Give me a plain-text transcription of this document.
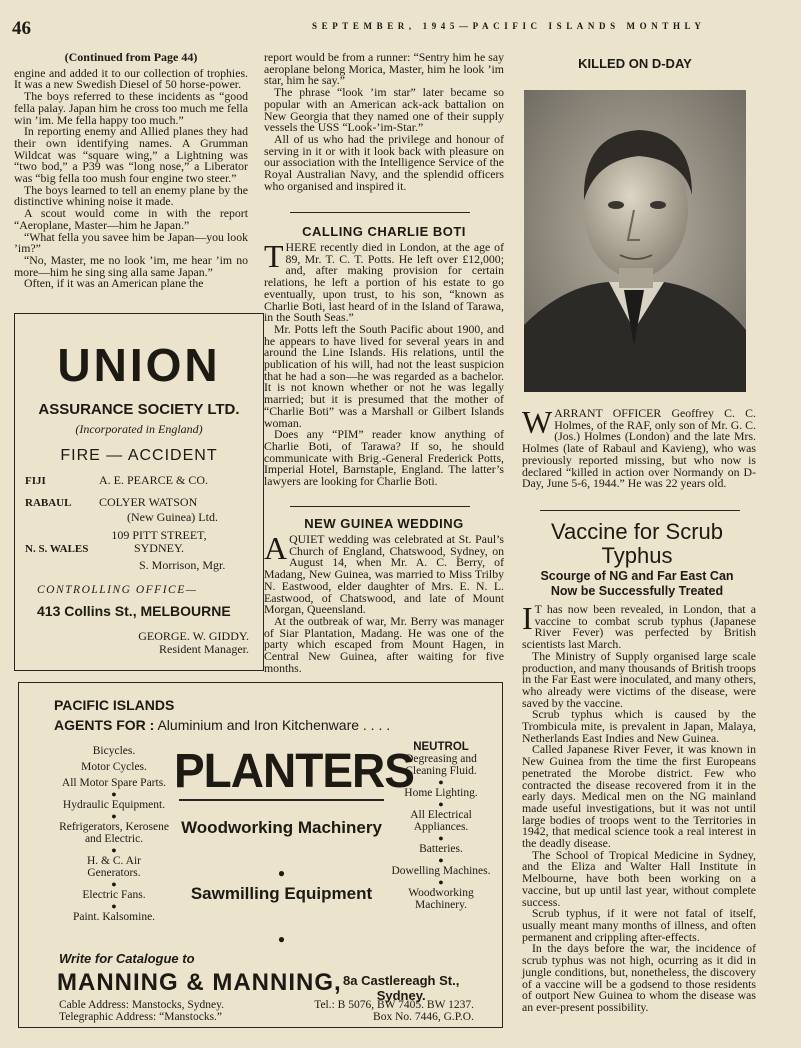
46	SEPTEMBER, 1945—PACIFIC ISLANDS MONTHLY
(Continued from Page 44)

engine and added it to our collection of trophies. It was a new Swedish Diesel of 50 horse-power.

The boys referred to these incidents as “good fella palay. Japan him he cross too much me fella win ’im. Me fella happy too much.”

In reporting enemy and Allied planes they had their own identifying names. A Grumman Wildcat was “square wing,” a Lightning was “two bod,” a P39 was “long nose,” a Liberator was “big fella too mush four engine two steer.”

The boys learned to tell an enemy plane by the distinctive whining noise it made.

A scout would come in with the report “Aeroplane, Master—him he Japan.”

“What fella you savee him be Japan—you look ’im?”

“No, Master, me no look ’im, me hear ’im no more—him he sing sing alla same Japan.”

Often, if it was an American plane the

UNION
ASSURANCE SOCIETY LTD.
(Incorporated in England)
FIRE — ACCIDENT
FIJI	A. E. PEARCE & CO.
RABAUL COLYER WATSON
(New Guinea) Ltd.
N. S. WALES109 PITT STREET, SYDNEY.
S. Morrison, Mgr.
CONTROLLING OFFICE—
413 Collins St., MELBOURNE
GEORGE. W. GIDDY.
Resident Manager.

report would be from a runner: “Sentry him he say aeroplane belong Morica, Master, him he look ’im star, him he say.”

The phrase “look ’im star” later became so popular with an American ack-ack battalion on New Georgia that they named one of their supply vessels the USS “Look-’im-Star.”

All of us who had the privilege and honour of serving in it or with it look back with pleasure on our association with the Intelligence Service of the Royal Australian Navy, and the splendid officers who organised and inspired it.

CALLING CHARLIE BOTI

THERE recently died in London, at the age of 89, Mr. T. C. T. Potts. He left over £12,000; and, after making provision for certain relations, he left a portion of his estate to go eventually, upon trust, to his son, “known as Charlie Boti, last heard of in the Island of Tarawa, in the South Seas.”

Mr. Potts left the South Pacific about 1900, and he appears to have lived for several years in and around the Line Islands. His relations, until the publication of his will, had not the least suspicion that he had a son—he was regarded as a bachelor. It is not known whether or not he was legally married; but it is presumed that the mother of “Charlie Boti” was a Marshall or Gilbert Islands woman.

Does any “PIM” reader know anything of Charlie Boti, of Tarawa? If so, he should communicate with Brig.-General Frederick Potts, Imperial Hotel, Barnstaple, England. The latter’s lawyers are looking for Charlie Boti.

NEW GUINEA WEDDING

AQUIET wedding was celebrated at St. Paul’s Church of England, Chatswood, Sydney, on August 14, when Mr. A. C. Berry, of Madang, New Guinea, was married to Miss Trilby N. Eastwood, elder daughter of Mrs. E. N. L. Eastwood, of Chatswood, and late of Mount Morgan, Queensland.

At the outbreak of war, Mr. Berry was manager of Siar Plantation, Madang. He was one of the party which escaped from Mount Hagen, in Central New Guinea, after waiting for five months.

PACIFIC ISLANDS
AGENTS FOR : Aluminium and Iron Kitchenware . . . .
Bicycles.
Motor Cycles.
All Motor Spare Parts.
●
Hydraulic Equipment.
●
Refrigerators, Kerosene and Electric.
●
H. & C. Air Generators.
●
Electric Fans.
●
Paint. Kalsomine.
PLANTERS
Woodworking Machinery
●
Sawmilling Equipment
●
NEUTROL
Degreasing and Cleaning Fluid.
●
Home Lighting.
●
All Electrical Appliances.
●
Batteries.
●
Dowelling Machines.
●
Woodworking Machinery.
Write for Catalogue to
MANNING & MANNING, 8a Castlereagh St.,
Sydney.
Cable Address: Manstocks, Sydney.
Telegraphic Address: “Manstocks.”
Tel.: B 5076, BW 7405. BW 1237.
Box No. 7446, G.P.O.
KILLED ON D-DAY

WARRANT OFFICER Geoffrey C. C. Holmes, of the RAF, only son of Mr. G. C. (Jos.) Holmes (London) and the late Mrs. Holmes (late of Rabaul and Kavieng), who was previously reported missing, but who now is declared “killed in action over Normandy on D-Day, June 5-6, 1944.” He was 22 years old.

Vaccine for Scrub
Typhus
Scourge of NG and Far East Can
Now be Successfully Treated

I T has now been revealed, in London, that a vaccine to combat scrub typhus (Japanese River Fever) was perfected by British scientists last March.

The Ministry of Supply organised large scale production, and many thousands of British troops in the Far East were inoculated, and many others, who already were victims of the disease, were saved by the vaccine.

Scrub typhus which is caused by the Trombicula mite, is prevalent in Japan, Malaya, Netherlands East Indies and New Guinea.

Called Japanese River Fever, it was known in New Guinea from the time the first Europeans penetrated the Morobe district. Few who contracted the disease recovered from it in the early days. Medical men on the NG mainland made useful investigations, but it was not until large bodies of troops went to the Territories in 1942, that medical science took a real interest in the deadly disease.

The School of Tropical Medicine in Sydney, and the Eliza and Walter Hall Institute in Melbourne, have both been working on a vaccine, but up until last year, without complete success.

Scrub typhus, if it were not fatal of itself, usually meant many months of illness, and often permanent and crippling after-effects.

In the days before the war, the incidence of scrub typhus was not high, ocurring as it did in jungle conditions, but, nonetheless, the discovery of a vaccine will be a godsend to those residents of outport New Guinea to whom the disease was an ever-present possibility.
